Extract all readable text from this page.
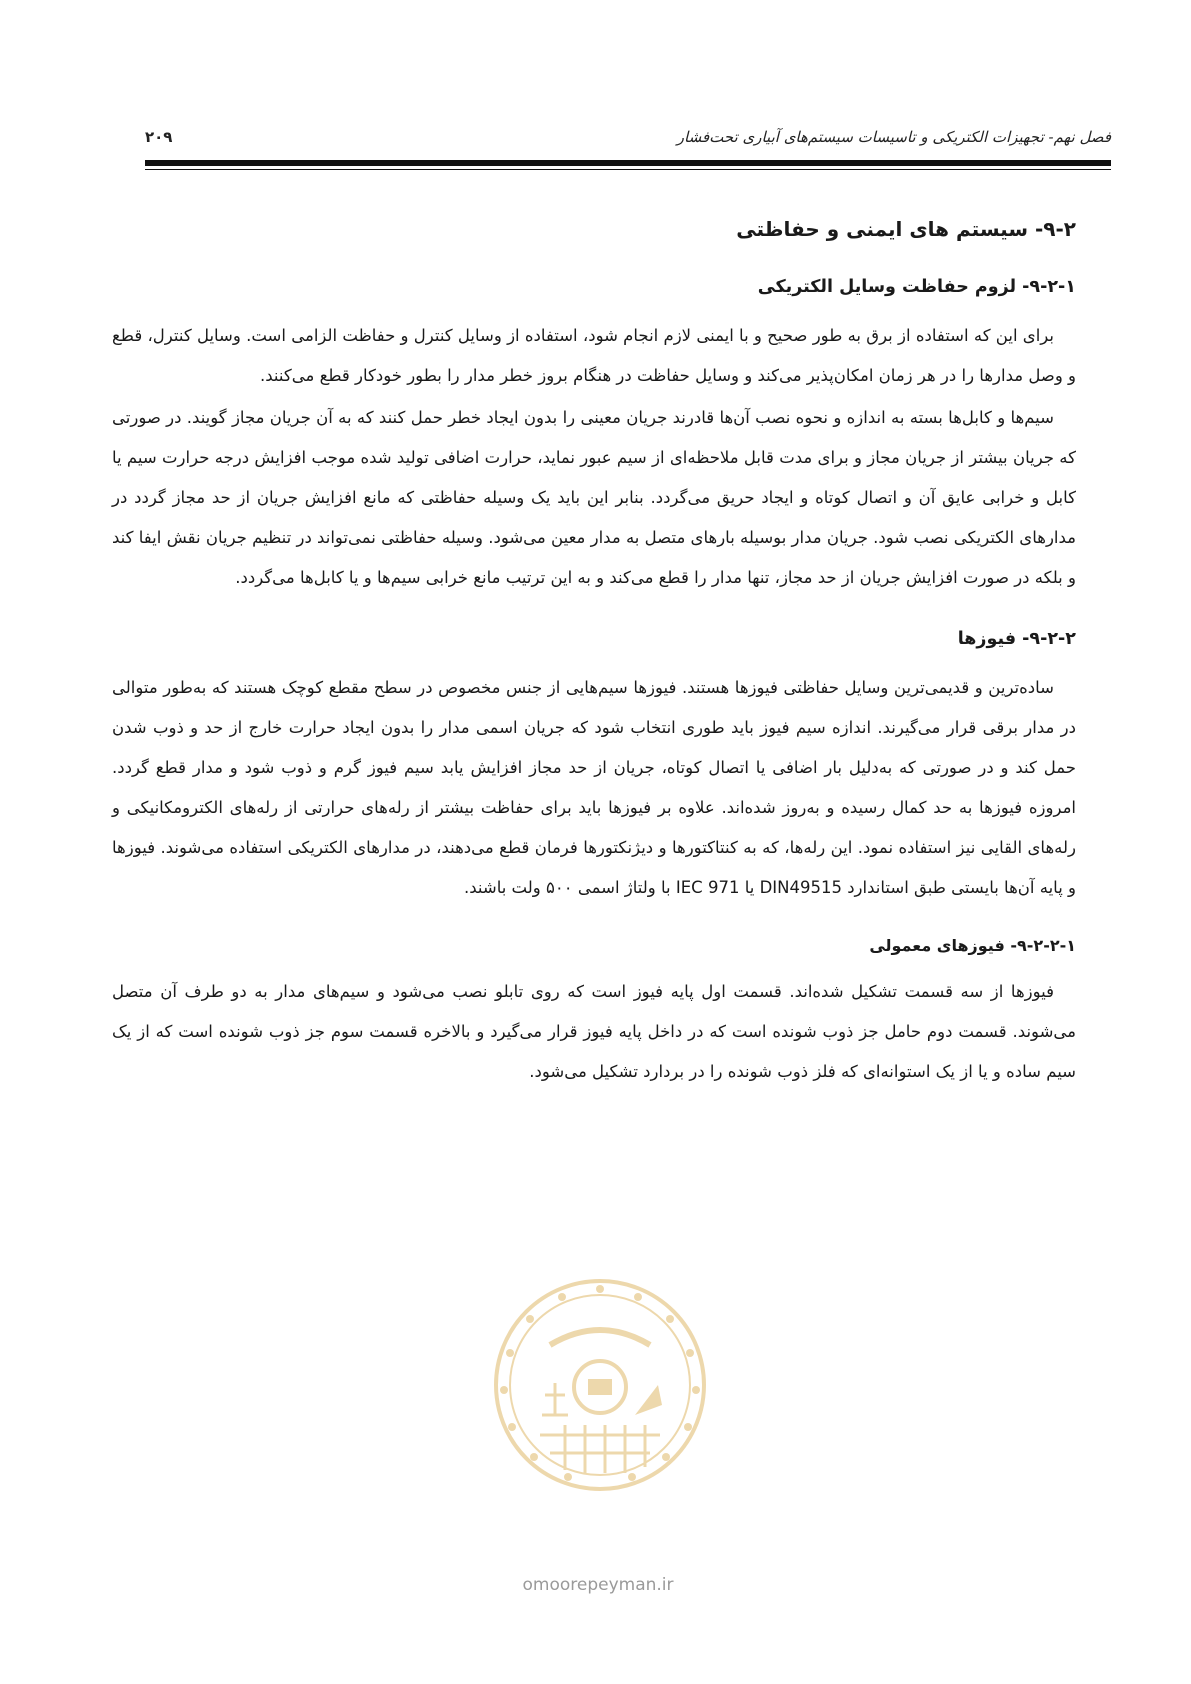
فصل نهم- تجهیزات الکتریکی و تاسیسات سیستم‌های آبیاری تحت‌فشار
۲۰۹
۹-۲- سیستم های ایمنی و حفاظتی
۹-۲-۱- لزوم حفاظت وسایل الکتریکی

برای این که استفاده از برق به طور صحیح و با ایمنی لازم انجام شود، استفاده از وسایل کنترل و حفاظت الزامی است. وسایل کنترل، قطع و وصل مدارها را در هر زمان امکان‌پذیر می‌کند و وسایل حفاظت در هنگام بروز خطر مدار را بطور خودکار قطع می‌کنند.

سیم‌ها و کابل‌ها بسته به اندازه و نحوه نصب آن‌ها قادرند جریان معینی را بدون ایجاد خطر حمل کنند که به آن جریان مجاز گویند. در صورتی که جریان بیشتر از جریان مجاز و برای مدت قابل ملاحظه‌ای از سیم عبور نماید، حرارت اضافی تولید شده موجب افزایش درجه حرارت سیم یا کابل و خرابی عایق آن و اتصال کوتاه و ایجاد حریق می‌گردد. بنابر این باید یک وسیله حفاظتی که مانع افزایش جریان از حد مجاز گردد در مدارهای الکتریکی نصب شود. جریان مدار بوسیله بارهای متصل به مدار معین می‌شود. وسیله حفاظتی نمی‌تواند در تنظیم جریان نقش ایفا کند و بلکه در صورت افزایش جریان از حد مجاز، تنها مدار را قطع می‌کند و به این ترتیب مانع خرابی سیم‌ها و یا کابل‌ها می‌گردد.

۹-۲-۲- فیوزها

ساده‌ترین و قدیمی‌ترین وسایل حفاظتی فیوزها هستند. فیوزها سیم‌هایی از جنس مخصوص در سطح مقطع کوچک هستند که به‌طور متوالی در مدار برقی قرار می‌گیرند. اندازه سیم فیوز باید طوری انتخاب شود که جریان اسمی مدار را بدون ایجاد حرارت خارج از حد و ذوب شدن حمل کند و در صورتی که به‌دلیل بار اضافی یا اتصال کوتاه، جریان از حد مجاز افزایش یابد سیم فیوز گرم و ذوب شود و مدار قطع گردد. امروزه فیوزها به حد کمال رسیده و به‌روز شده‌اند. علاوه بر فیوزها باید برای حفاظت بیشتر از رله‌های حرارتی از رله‌های الکترومکانیکی و رله‌های القایی نیز استفاده نمود. این رله‌ها، که به کنتاکتورها و دیژنکتورها فرمان قطع می‌دهند، در مدارهای الکتریکی استفاده می‌شوند. فیوزها و پایه آن‌ها بایستی طبق استاندارد DIN49515 یا IEC 971 با ولتاژ اسمی ۵۰۰ ولت باشند.

۹-۲-۲-۱- فیوزهای معمولی

فیوزها از سه قسمت تشکیل شده‌اند. قسمت اول پایه فیوز است که روی تابلو نصب می‌شود و سیم‌های مدار به دو طرف آن متصل می‌شوند. قسمت دوم حامل جز ذوب شونده است که در داخل پایه فیوز قرار می‌گیرد و بالاخره قسمت سوم جز ذوب شونده است که از یک سیم ساده و یا از یک استوانه‌ای که فلز ذوب شونده را در بردارد تشکیل می‌شود.

omoorepeyman.ir
